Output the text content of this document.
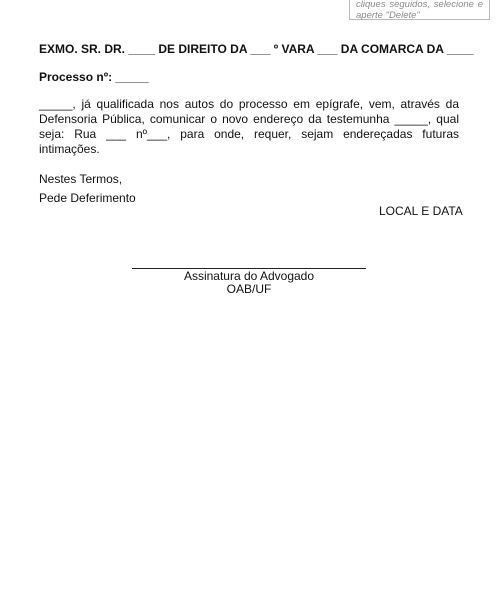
cliques seguidos, selecione e
aperte "Delete"

EXMO. SR. DR. ____ DE DIREITO DA ___ º VARA ___ DA COMARCA DA ____

Processo nº: _____
_____, já qualificada nos autos do processo em epígrafe, vem, através da Defensoria Pública, comunicar o novo endereço da testemunha _____, qual seja: Rua ___ nº___, para onde, requer, sejam endereçadas futuras intimações.
Nestes Termos,
Pede Deferimento
LOCAL E DATA
Assinatura do Advogado
OAB/UF
